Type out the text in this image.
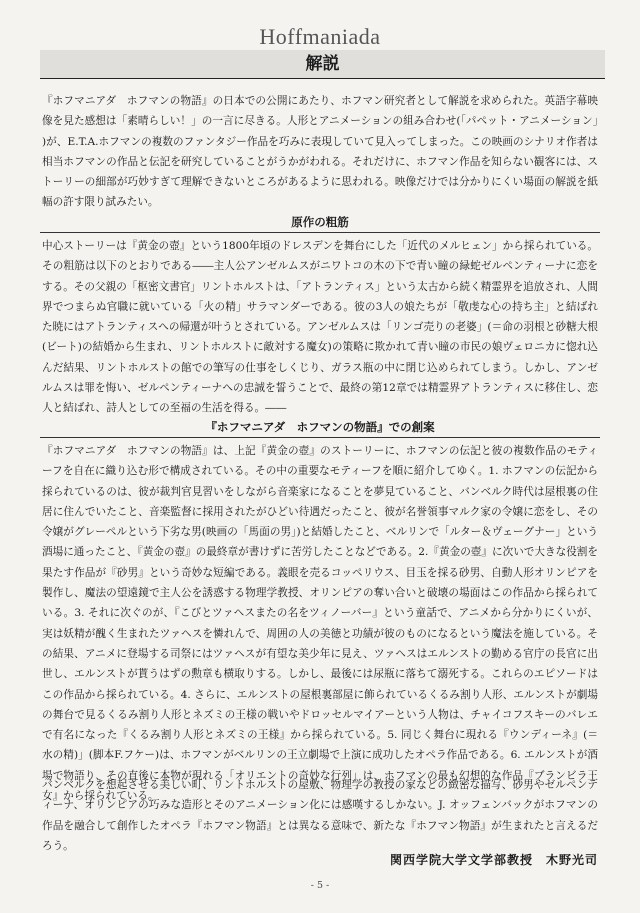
Hoffmaniada
解説

『ホフマニアダ　ホフマンの物語』の日本での公開にあたり、ホフマン研究者として解説を求められた。英語字幕映像を見た感想は「素晴らしい！」の一言に尽きる。人形とアニメーションの組み合わせ(「パペット・アニメーション」)が、E.T.A.ホフマンの複数のファンタジー作品を巧みに表現していて見入ってしまった。この映画のシナリオ作者は相当ホフマンの作品と伝記を研究していることがうかがわれる。それだけに、ホフマン作品を知らない観客には、ストーリーの細部が巧妙すぎて理解できないところがあるように思われる。映像だけでは分かりにくい場面の解説を紙幅の許す限り試みたい。

原作の粗筋

中心ストーリーは『黄金の壺』という1800年頃のドレスデンを舞台にした「近代のメルヒェン」から採られている。その粗筋は以下のとおりである――主人公アンゼルムスがニワトコの木の下で青い瞳の緑蛇ゼルペンティーナに恋をする。その父親の「枢密文書官」リントホルストは、「アトランティス」という太古から続く精霊界を追放され、人間界でつまらぬ官職に就いている「火の精」サラマンダーである。彼の3人の娘たちが「敬虔な心の持ち主」と結ばれた暁にはアトランティスへの帰還が叶うとされている。アンゼルムスは「リンゴ売りの老婆」(＝命の羽根と砂糖大根(ビート)の結婚から生まれ、リントホルストに敵対する魔女)の策略に欺かれて青い瞳の市民の娘ヴェロニカに惚れ込んだ結果、リントホルストの館での筆写の仕事をしくじり、ガラス瓶の中に閉じ込められてしまう。しかし、アンゼルムスは罪を悔い、ゼルペンティーナへの忠誠を誓うことで、最終の第12章では精霊界アトランティスに移住し、恋人と結ばれ、詩人としての至福の生活を得る。――

『ホフマニアダ　ホフマンの物語』での創案

『ホフマニアダ　ホフマンの物語』は、上記『黄金の壺』のストーリーに、ホフマンの伝記と彼の複数作品のモティーフを自在に織り込む形で構成されている。その中の重要なモティーフを順に紹介してゆく。1. ホフマンの伝記から採られているのは、彼が裁判官見習いをしながら音楽家になることを夢見ていること、バンベルク時代は屋根裏の住居に住んでいたこと、音楽監督に採用されたがひどい待遇だったこと、彼が名誉領事マルク家の令嬢に恋をし、その令嬢がグレーペルという下劣な男(映画の「馬面の男」)と結婚したこと、ベルリンで「ルター＆ヴェーグナー」という酒場に通ったこと、『黄金の壺』の最終章が書けずに苦労したことなどである。2.『黄金の壺』に次いで大きな役割を果たす作品が『砂男』という奇妙な短編である。義眼を売るコッペリウス、目玉を採る砂男、自動人形オリンピアを製作し、魔法の望遠鏡で主人公を誘惑する物理学教授、オリンピアの奪い合いと破壊の場面はこの作品から採られている。3. それに次ぐのが、『こびとツァヘスまたの名をツィノーバー』という童話で、アニメから分かりにくいが、実は妖精が醜く生まれたツァヘスを憐れんで、周囲の人の美徳と功績が彼のものになるという魔法を施している。その結果、アニメに登場する司祭にはツァヘスが有望な美少年に見え、ツァヘスはエルンストの勤める官庁の長官に出世し、エルンストが貰うはずの勲章も横取りする。しかし、最後には尿瓶に落ちて溺死する。これらのエピソードはこの作品から採られている。4. さらに、エルンストの屋根裏部屋に飾られているくるみ割り人形、エルンストが劇場の舞台で見るくるみ割り人形とネズミの王様の戦いやドロッセルマイアーという人物は、チャイコフスキーのバレエで有名になった『くるみ割り人形とネズミの王様』から採られている。5. 同じく舞台に現れる『ウンディーネ』(＝水の精)」(脚本F.フケー)は、ホフマンがベルリンの王立劇場で上演に成功したオペラ作品である。6. エルンストが酒場で物語り、その直後に本物が現れる「オリエントの奇妙な行列」は、ホフマンの最も幻想的な作品『ブランビラ王女』から採られている。

バンベルクを想起させる美しい町、リントホルストの屋敷、物理学の教授の家などの緻密な描写、砂男やゼルペンティーナ、オリンピアの巧みな造形とそのアニメーション化には感嘆するしかない。J. オッフェンバックがホフマンの作品を融合して創作したオペラ『ホフマン物語』とは異なる意味で、新たな『ホフマン物語』が生まれたと言えるだろう。

関西学院大学文学部教授　木野光司
- 5 -
